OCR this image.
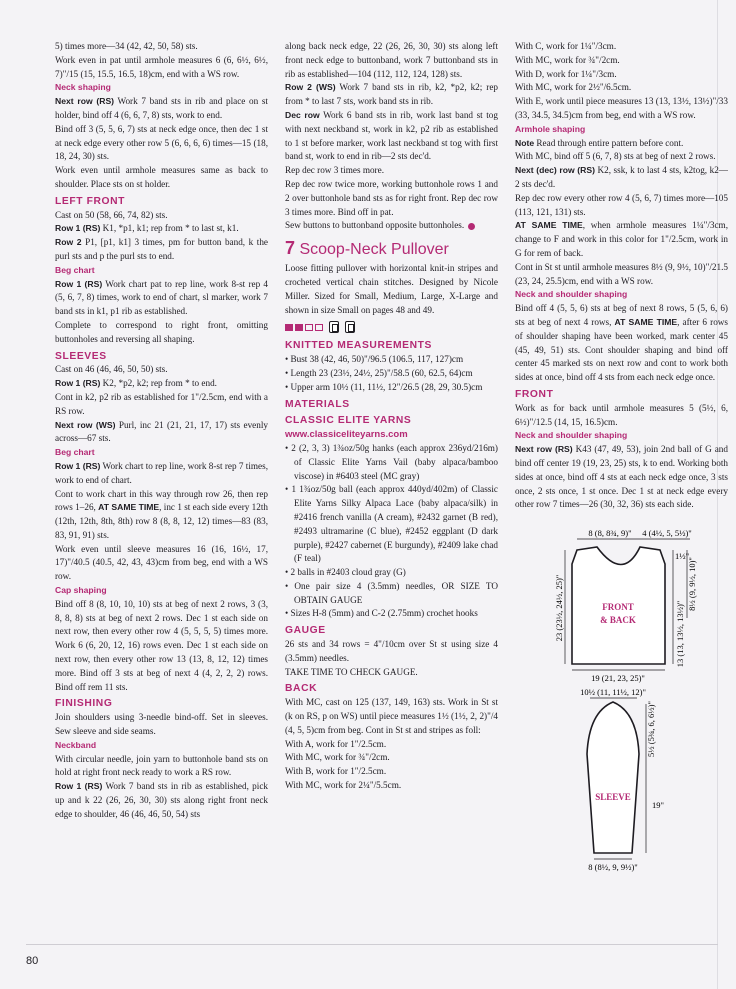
5) times more—34 (42, 42, 50, 58) sts.

Work even in pat until armhole measures 6 (6, 6½, 6½, 7)"/15 (15, 15.5, 16.5, 18)cm, end with a WS row.

Neck shaping

Next row (RS) Work 7 band sts in rib and place on st holder, bind off 4 (6, 6, 7, 8) sts, work to end.

Bind off 3 (5, 5, 6, 7) sts at neck edge once, then dec 1 st at neck edge every other row 5 (6, 6, 6, 6) times—15 (18, 18, 24, 30) sts.

Work even until armhole measures same as back to shoulder. Place sts on st holder.

LEFT FRONT

Cast on 50 (58, 66, 74, 82) sts.

Row 1 (RS) K1, *p1, k1; rep from * to last st, k1.

Row 2 P1, [p1, k1] 3 times, pm for button band, k the purl sts and p the purl sts to end.

Beg chart

Row 1 (RS) Work chart pat to rep line, work 8-st rep 4 (5, 6, 7, 8) times, work to end of chart, sl marker, work 7 band sts in k1, p1 rib as established.

Complete to correspond to right front, omitting buttonholes and reversing all shaping.

SLEEVES

Cast on 46 (46, 46, 50, 50) sts.

Row 1 (RS) K2, *p2, k2; rep from * to end.

Cont in k2, p2 rib as established for 1"/2.5cm, end with a RS row.

Next row (WS) Purl, inc 21 (21, 21, 17, 17) sts evenly across—67 sts.

Beg chart

Row 1 (RS) Work chart to rep line, work 8-st rep 7 times, work to end of chart.

Cont to work chart in this way through row 26, then rep rows 1–26, AT SAME TIME, inc 1 st each side every 12th (12th, 12th, 8th, 8th) row 8 (8, 8, 12, 12) times—83 (83, 83, 91, 91) sts.

Work even until sleeve measures 16 (16, 16½, 17, 17)"/40.5 (40.5, 42, 43, 43)cm from beg, end with a WS row.

Cap shaping

Bind off 8 (8, 10, 10, 10) sts at beg of next 2 rows, 3 (3, 8, 8, 8) sts at beg of next 2 rows. Dec 1 st each side on next row, then every other row 4 (5, 5, 5, 5) times more. Work 6 (6, 20, 12, 16) rows even. Dec 1 st each side on next row, then every other row 13 (13, 8, 12, 12) times more. Bind off 3 sts at beg of next 4 (4, 2, 2, 2) rows. Bind off rem 11 sts.

FINISHING

Join shoulders using 3-needle bind-off. Set in sleeves. Sew sleeve and side seams.

Neckband

With circular needle, join yarn to buttonhole band sts on hold at right front neck ready to work a RS row.

Row 1 (RS) Work 7 band sts in rib as established, pick up and k 22 (26, 26, 30, 30) sts along right front neck edge to shoulder, 46 (46, 46, 50, 54) sts

along back neck edge, 22 (26, 26, 30, 30) sts along left front neck edge to buttonband, work 7 buttonband sts in rib as established—104 (112, 112, 124, 128) sts.

Row 2 (WS) Work 7 band sts in rib, k2, *p2, k2; rep from * to last 7 sts, work band sts in rib.

Dec row Work 6 band sts in rib, work last band st tog with next neckband st, work in k2, p2 rib as established to 1 st before marker, work last neckband st tog with first band st, work to end in rib—2 sts dec'd.

Rep dec row 3 times more.

Rep dec row twice more, working buttonhole rows 1 and 2 over buttonhole band sts as for right front. Rep dec row 3 times more. Bind off in pat.

Sew buttons to buttonband opposite buttonholes.

7 Scoop-Neck Pullover

Loose fitting pullover with horizontal knit-in stripes and crocheted vertical chain stitches. Designed by Nicole Miller. Sized for Small, Medium, Large, X-Large and shown in size Small on pages 48 and 49.

KNITTED MEASUREMENTS

• Bust 38 (42, 46, 50)"/96.5 (106.5, 117, 127)cm

• Length 23 (23½, 24½, 25)"/58.5 (60, 62.5, 64)cm

• Upper arm 10½ (11, 11½, 12"/26.5 (28, 29, 30.5)cm

MATERIALS

CLASSIC ELITE YARNS

www.classiceliteyarns.com

• 2 (2, 3, 3) 1¾oz/50g hanks (each approx 236yd/216m) of Classic Elite Yarns Vail (baby alpaca/bamboo viscose) in #6403 steel (MC gray)

• 1 1¾oz/50g ball (each approx 440yd/402m) of Classic Elite Yarns Silky Alpaca Lace (baby alpaca/silk) in #2416 french vanilla (A cream), #2432 garnet (B red), #2493 ultramarine (C blue), #2452 eggplant (D dark purple), #2427 cabernet (E burgundy), #2409 lake chad (F teal)

• 2 balls in #2403 cloud gray (G)

• One pair size 4 (3.5mm) needles, OR SIZE TO OBTAIN GAUGE

• Sizes H-8 (5mm) and C-2 (2.75mm) crochet hooks

GAUGE

26 sts and 34 rows = 4"/10cm over St st using size 4 (3.5mm) needles.

TAKE TIME TO CHECK GAUGE.

BACK

With MC, cast on 125 (137, 149, 163) sts. Work in St st (k on RS, p on WS) until piece measures 1½ (1½, 2, 2)"/4 (4, 5, 5)cm from beg. Cont in St st and stripes as foll:

With A, work for 1"/2.5cm.

With MC, work for ¾"/2cm.

With B, work for 1"/2.5cm.

With MC, work for 2¼"/5.5cm.

With C, work for 1¼"/3cm.

With MC, work for ¾"/2cm.

With D, work for 1¼"/3cm.

With MC, work for 2½"/6.5cm.

With E, work until piece measures 13 (13, 13½, 13½)"/33 (33, 34.5, 34.5)cm from beg, end with a WS row.

Armhole shaping

Note Read through entire pattern before cont.

With MC, bind off 5 (6, 7, 8) sts at beg of next 2 rows.

Next (dec) row (RS) K2, ssk, k to last 4 sts, k2tog, k2—2 sts dec'd.

Rep dec row every other row 4 (5, 6, 7) times more—105 (113, 121, 131) sts.

AT SAME TIME, when armhole measures 1¼"/3cm, change to F and work in this color for 1"/2.5cm, work in G for rem of back.

Cont in St st until armhole measures 8½ (9, 9½, 10)"/21.5 (23, 24, 25.5)cm, end with a WS row.

Neck and shoulder shaping

Bind off 4 (5, 5, 6) sts at beg of next 8 rows, 5 (5, 6, 6) sts at beg of next 4 rows, AT SAME TIME, after 6 rows of shoulder shaping have been worked, mark center 45 (45, 49, 51) sts. Cont shoulder shaping and bind off center 45 marked sts on next row and cont to work both sides at once, bind off 4 sts from each neck edge once.

FRONT

Work as for back until armhole measures 5 (5½, 6, 6½)"/12.5 (14, 15, 16.5)cm.

Neck and shoulder shaping

Next row (RS) K43 (47, 49, 53), join 2nd ball of G and bind off center 19 (19, 23, 25) sts, k to end. Working both sides at once, bind off 4 sts at each neck edge once, 3 sts once, 2 sts once, 1 st once. Dec 1 st at neck edge every other row 7 times—26 (30, 32, 36) sts each side.

8 (8, 8¾, 9)" 4 (4½, 5, 5½)"
FRONT
& BACK
23 (23½, 24½, 25)"
1½"
13 (13, 13½, 13½)"
8½ (9, 9½, 10)"
19 (21, 23, 25)"
10½ (11, 11½, 12)"
SLEEVE
5½ (5¾, 6, 6½)"
19"
8 (8½, 9, 9½)"
80
